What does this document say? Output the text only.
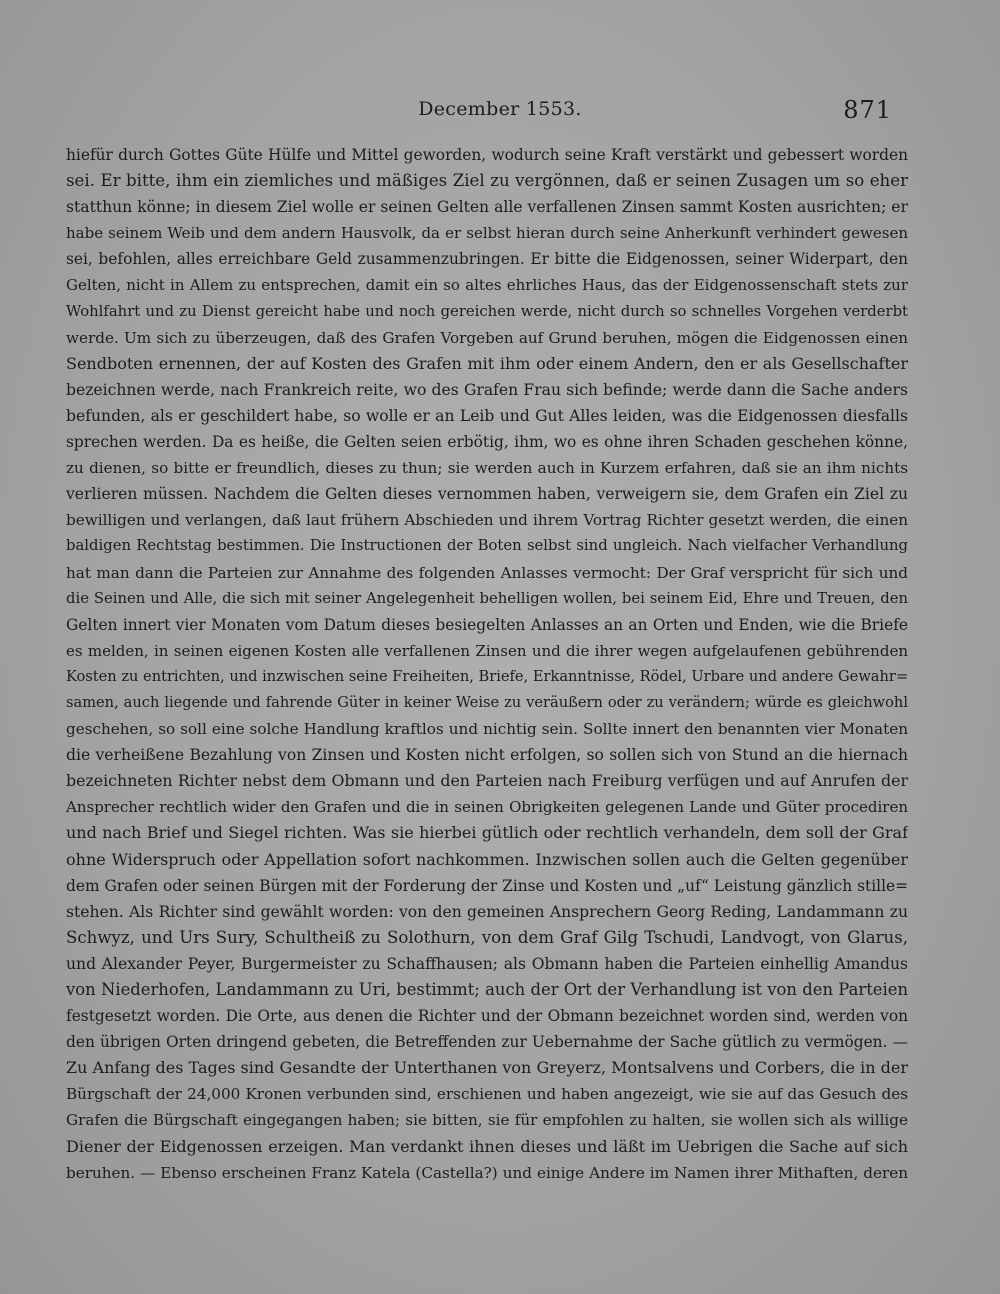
December 1553.	871
hiefür durch Gottes Güte Hülfe und Mittel geworden, wodurch seine Kraft verstärkt und gebessert worden
sei. Er bitte, ihm ein ziemliches und mäßiges Ziel zu vergönnen, daß er seinen Zusagen um so eher
statthun könne; in diesem Ziel wolle er seinen Gelten alle verfallenen Zinsen sammt Kosten ausrichten; er
habe seinem Weib und dem andern Hausvolk, da er selbst hieran durch seine Anherkunft verhindert gewesen
sei, befohlen, alles erreichbare Geld zusammenzubringen. Er bitte die Eidgenossen, seiner Widerpart, den
Gelten, nicht in Allem zu entsprechen, damit ein so altes ehrliches Haus, das der Eidgenossenschaft stets zur
Wohlfahrt und zu Dienst gereicht habe und noch gereichen werde, nicht durch so schnelles Vorgehen verderbt
werde. Um sich zu überzeugen, daß des Grafen Vorgeben auf Grund beruhen, mögen die Eidgenossen einen
Sendboten ernennen, der auf Kosten des Grafen mit ihm oder einem Andern, den er als Gesellschafter
bezeichnen werde, nach Frankreich reite, wo des Grafen Frau sich befinde; werde dann die Sache anders
befunden, als er geschildert habe, so wolle er an Leib und Gut Alles leiden, was die Eidgenossen diesfalls
sprechen werden. Da es heiße, die Gelten seien erbötig, ihm, wo es ohne ihren Schaden geschehen könne,
zu dienen, so bitte er freundlich, dieses zu thun; sie werden auch in Kurzem erfahren, daß sie an ihm nichts
verlieren müssen. Nachdem die Gelten dieses vernommen haben, verweigern sie, dem Grafen ein Ziel zu
bewilligen und verlangen, daß laut frühern Abschieden und ihrem Vortrag Richter gesetzt werden, die einen
baldigen Rechtstag bestimmen. Die Instructionen der Boten selbst sind ungleich. Nach vielfacher Verhandlung
hat man dann die Parteien zur Annahme des folgenden Anlasses vermocht: Der Graf verspricht für sich und
die Seinen und Alle, die sich mit seiner Angelegenheit behelligen wollen, bei seinem Eid, Ehre und Treuen, den
Gelten innert vier Monaten vom Datum dieses besiegelten Anlasses an an Orten und Enden, wie die Briefe
es melden, in seinen eigenen Kosten alle verfallenen Zinsen und die ihrer wegen aufgelaufenen gebührenden
Kosten zu entrichten, und inzwischen seine Freiheiten, Briefe, Erkanntnisse, Rödel, Urbare und andere Gewahr=
samen, auch liegende und fahrende Güter in keiner Weise zu veräußern oder zu verändern; würde es gleichwohl
geschehen, so soll eine solche Handlung kraftlos und nichtig sein. Sollte innert den benannten vier Monaten
die verheißene Bezahlung von Zinsen und Kosten nicht erfolgen, so sollen sich von Stund an die hiernach
bezeichneten Richter nebst dem Obmann und den Parteien nach Freiburg verfügen und auf Anrufen der
Ansprecher rechtlich wider den Grafen und die in seinen Obrigkeiten gelegenen Lande und Güter procediren
und nach Brief und Siegel richten. Was sie hierbei gütlich oder rechtlich verhandeln, dem soll der Graf
ohne Widerspruch oder Appellation sofort nachkommen. Inzwischen sollen auch die Gelten gegenüber
dem Grafen oder seinen Bürgen mit der Forderung der Zinse und Kosten und „uf“ Leistung gänzlich stille=
stehen. Als Richter sind gewählt worden: von den gemeinen Ansprechern Georg Reding, Landammann zu
Schwyz, und Urs Sury, Schultheiß zu Solothurn, von dem Graf Gilg Tschudi, Landvogt, von Glarus,
und Alexander Peyer, Burgermeister zu Schaffhausen; als Obmann haben die Parteien einhellig Amandus
von Niederhofen, Landammann zu Uri, bestimmt; auch der Ort der Verhandlung ist von den Parteien
festgesetzt worden. Die Orte, aus denen die Richter und der Obmann bezeichnet worden sind, werden von
den übrigen Orten dringend gebeten, die Betreffenden zur Uebernahme der Sache gütlich zu vermögen. —
Zu Anfang des Tages sind Gesandte der Unterthanen von Greyerz, Montsalvens und Corbers, die in der
Bürgschaft der 24,000 Kronen verbunden sind, erschienen und haben angezeigt, wie sie auf das Gesuch des
Grafen die Bürgschaft eingegangen haben; sie bitten, sie für empfohlen zu halten, sie wollen sich als willige
Diener der Eidgenossen erzeigen. Man verdankt ihnen dieses und läßt im Uebrigen die Sache auf sich
beruhen. — Ebenso erscheinen Franz Katela (Castella?) und einige Andere im Namen ihrer Mithaften, deren
